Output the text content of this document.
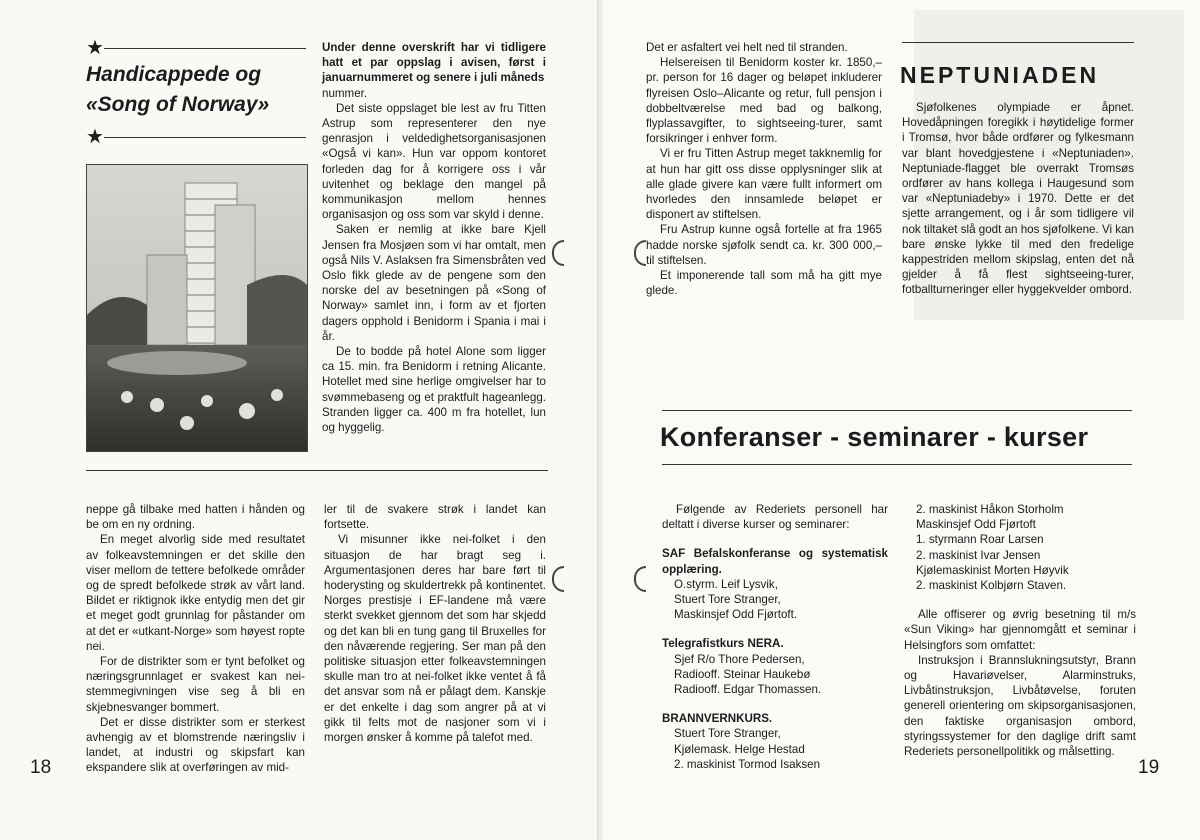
★
Handicappede og
«Song of Norway»
★

Under denne overskrift har vi tidligere hatt et par oppslag i avisen, først i januarnummeret og senere i juli måneds

nummer.

Det siste oppslaget ble lest av fru Titten Astrup som representerer den nye genrasjon i veldedighetsorganisasjonen «Også vi kan». Hun var oppom kontoret forleden dag for å korrigere oss i vår uvitenhet og beklage den mangel på kommunikasjon mellom hennes organisasjon og oss som var skyld i denne.

Saken er nemlig at ikke bare Kjell Jensen fra Mosjøen som vi har omtalt, men også Nils V. Aslaksen fra Simensbråten ved Oslo fikk glede av de pengene som den norske del av besetningen på «Song of Norway» samlet inn, i form av et fjorten dagers opphold i Benidorm i Spania i mai i år.

De to bodde på hotel Alone som ligger ca 15. min. fra Benidorm i retning Alicante. Hotellet med sine herlige omgivelser har to svømmebaseng og et praktfult hageanlegg. Stranden ligger ca. 400 m fra hotellet, lun og hyggelig.

neppe gå tilbake med hatten i hånden og be om en ny ordning.

En meget alvorlig side med resultatet av folkeavstemningen er det skille den viser mellom de tettere befolkede områder og de spredt befolkede strøk av vårt land. Bildet er riktignok ikke entydig men det gir et meget godt grunnlag for påstander om at det er «utkant-Norge» som høyest ropte nei.

For de distrikter som er tynt befolket og næringsgrunnlaget er svakest kan nei-stemmegivningen vise seg å bli en skjebnesvanger bommert.

Det er disse distrikter som er sterkest avhengig av et blomstrende næringsliv i landet, at industri og skipsfart kan ekspandere slik at overføringen av mid-

ler til de svakere strøk i landet kan fortsette.

Vi misunner ikke nei-folket i den situasjon de har bragt seg i. Argumentasjonen deres har bare ført til hoderysting og skuldertrekk på kontinentet. Norges prestisje i EF-landene må være sterkt svekket gjennom det som har skjedd og det kan bli en tung gang til Bruxelles for den nåværende regjering. Ser man på den politiske situasjon etter folkeavstemningen skulle man tro at nei-folket ikke ventet å få det ansvar som nå er pålagt dem. Kanskje er det enkelte i dag som angrer på at vi gikk til felts mot de nasjoner som vi i morgen ønsker å komme på talefot med.

18

Det er asfaltert vei helt ned til stranden.

Helsereisen til Benidorm koster kr. 1850,– pr. person for 16 dager og beløpet inkluderer flyreisen Oslo–Alicante og retur, full pensjon i dobbeltværelse med bad og balkong, flyplassavgifter, to sightseeing-turer, samt forsikringer i enhver form.

Vi er fru Titten Astrup meget takknemlig for at hun har gitt oss disse opplysninger slik at alle glade givere kan være fullt informert om hvorledes den innsamlede beløpet er disponert av stiftelsen.

Fru Astrup kunne også fortelle at fra 1965 hadde norske sjøfolk sendt ca. kr. 300 000,– til stiftelsen.

Et imponerende tall som må ha gitt mye glede.

NEPTUNIADEN

Sjøfolkenes olympiade er åpnet. Hovedåpningen foregikk i høytidelige former i Tromsø, hvor både ordfører og fylkesmann var blant hovedgjestene i «Neptuniaden». Neptuniade-flagget ble overrakt Tromsøs ordfører av hans kollega i Haugesund som var «Neptuniadeby» i 1970. Dette er det sjette arrangement, og i år som tidligere vil nok tiltaket slå godt an hos sjøfolkene. Vi kan bare ønske lykke til med den fredelige kappestriden mellom skipslag, enten det nå gjelder å få flest sightseeing-turer, fotballturneringer eller hyggekvelder ombord.

Konferanser - seminarer - kurser

Følgende av Rederiets personell har deltatt i diverse kurser og seminarer:

SAF Befalskonferanse og systematisk opplæring.

O.styrm. Leif Lysvik,

Stuert Tore Stranger,

Maskinsjef Odd Fjørtoft.

Telegrafistkurs NERA.

Sjef R/o Thore Pedersen,

Radiooff. Steinar Haukebø

Radiooff. Edgar Thomassen.

BRANNVERNKURS.

Stuert Tore Stranger,

Kjølemask. Helge Hestad

2. maskinist Tormod Isaksen

2. maskinist Håkon Storholm

Maskinsjef Odd Fjørtoft

1. styrmann Roar Larsen

2. maskinist Ivar Jensen

Kjølemaskinist Morten Høyvik

2. maskinist Kolbjørn Staven.

Alle offiserer og øvrig besetning til m/s «Sun Viking» har gjennomgått et seminar i Helsingfors som omfattet:

Instruksjon i Brannslukningsutstyr, Brann og Havariøvelser, Alarminstruks, Livbåtinstruksjon, Livbåtøvelse, foruten generell orientering om skipsorganisasjonen, den faktiske organisasjon ombord, styringssystemer for den daglige drift samt Rederiets personellpolitikk og målsetting.

19
